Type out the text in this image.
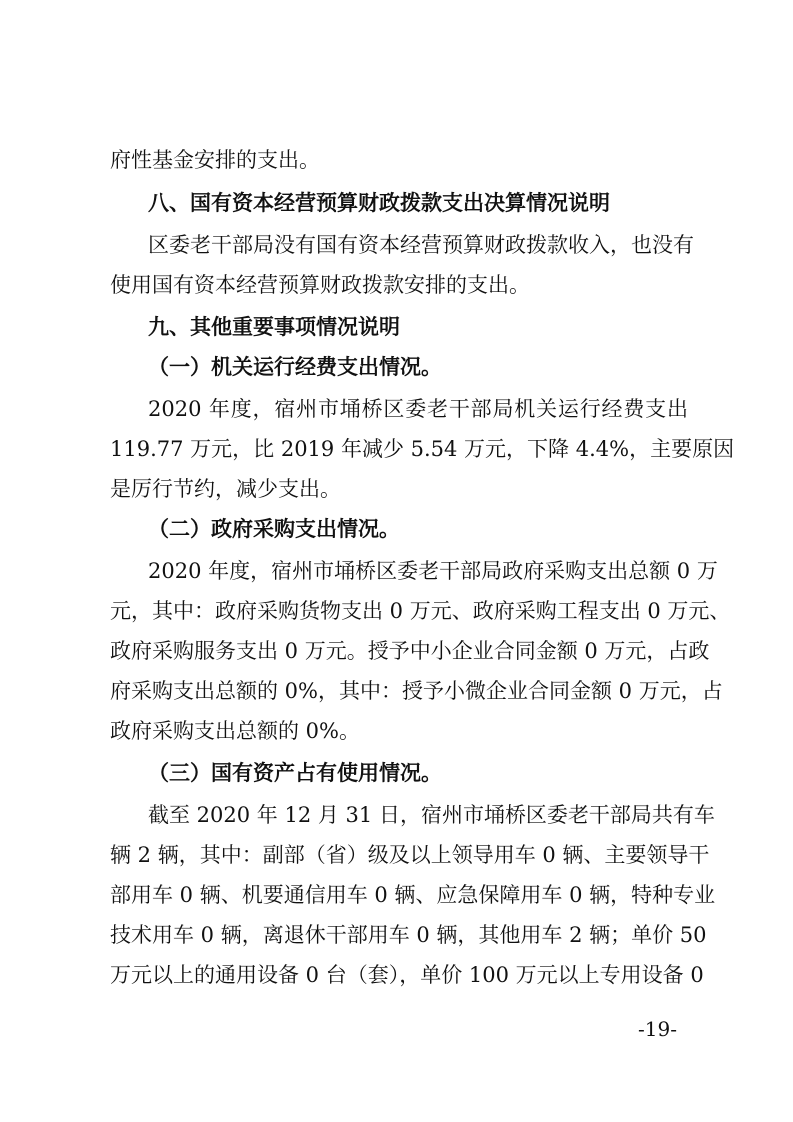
府性基金安排的支出。
八、国有资本经营预算财政拨款支出决算情况说明
区委老干部局没有国有资本经营预算财政拨款收入，也没有
使用国有资本经营预算财政拨款安排的支出。
九、其他重要事项情况说明
（一）机关运行经费支出情况。
2020 年度，宿州市埇桥区委老干部局机关运行经费支出
119.77 万元，比 2019 年减少 5.54 万元，下降 4.4%，主要原因
是厉行节约，减少支出。
（二）政府采购支出情况。
2020 年度，宿州市埇桥区委老干部局政府采购支出总额 0 万
元，其中：政府采购货物支出 0 万元、政府采购工程支出 0 万元、
政府采购服务支出 0 万元。授予中小企业合同金额 0 万元，占政
府采购支出总额的 0%，其中：授予小微企业合同金额 0 万元，占
政府采购支出总额的 0%。
（三）国有资产占有使用情况。
截至 2020 年 12 月 31 日，宿州市埇桥区委老干部局共有车
辆 2 辆，其中：副部（省）级及以上领导用车 0 辆、主要领导干
部用车 0 辆、机要通信用车 0 辆、应急保障用车 0 辆，特种专业
技术用车 0 辆，离退休干部用车 0 辆，其他用车 2 辆；单价 50
万元以上的通用设备 0 台（套），单价 100 万元以上专用设备 0
-19-
